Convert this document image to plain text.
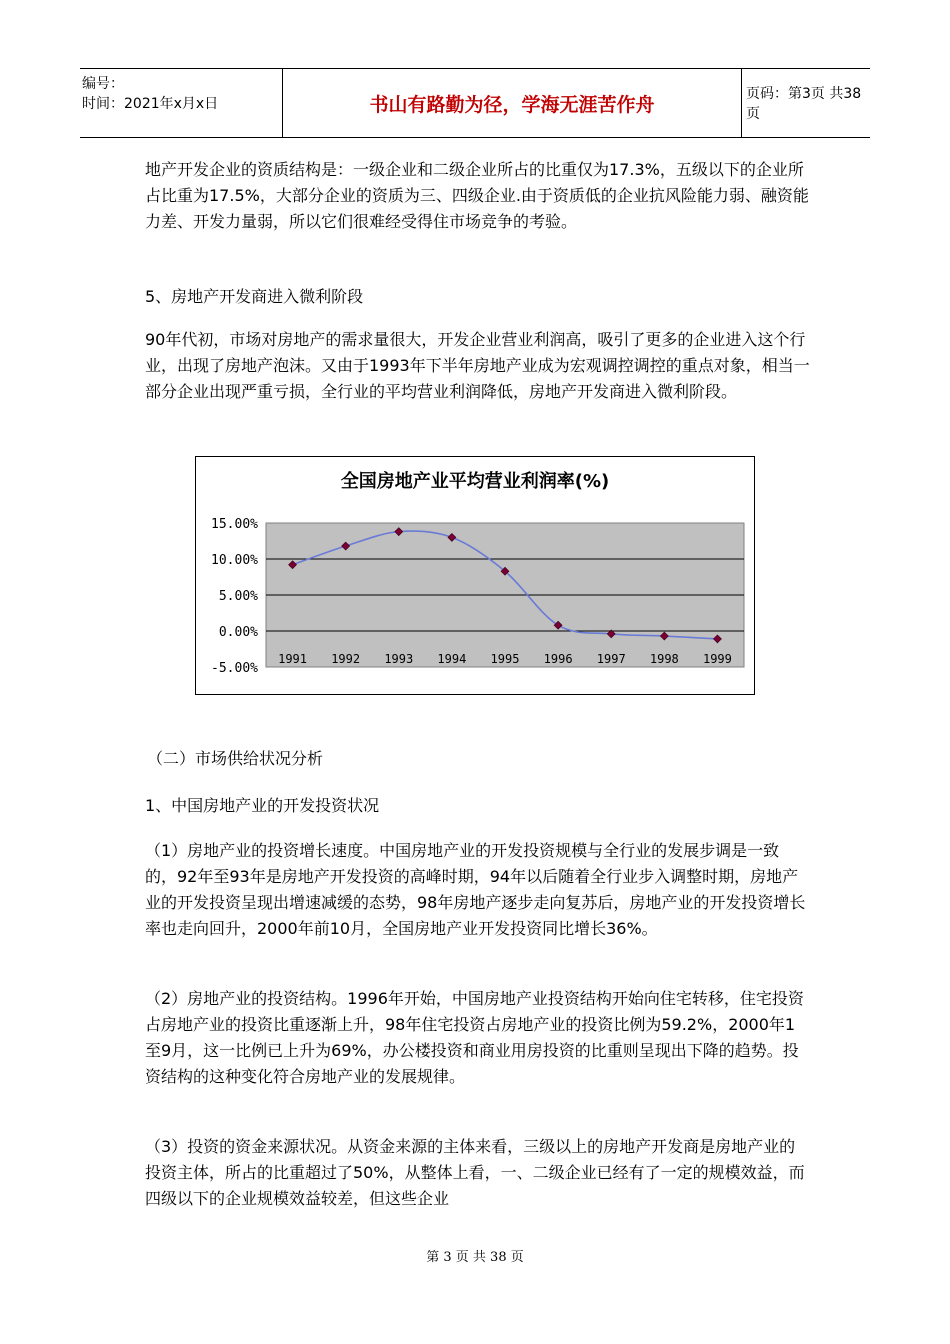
编号：
时间：2021年x月x日	书山有路勤为径，学海无涯苦作舟	页码：第3页 共38页

地产开发企业的资质结构是：一级企业和二级企业所占的比重仅为17.3%，五级以下的企业所占比重为17.5%，大部分企业的资质为三、四级企业.由于资质低的企业抗风险能力弱、融资能力差、开发力量弱，所以它们很难经受得住市场竞争的考验。

5、房地产开发商进入微利阶段

90年代初，市场对房地产的需求量很大，开发企业营业利润高，吸引了更多的企业进入这个行业，出现了房地产泡沫。又由于1993年下半年房地产业成为宏观调控调控的重点对象，相当一部分企业出现严重亏损，全行业的平均营业利润降低，房地产开发商进入微利阶段。

全国房地产业平均营业利润率(%)
15.00%
10.00%
5.00%
0.00%
-5.00%
1991 1992 1993 1994 1995 1996 1997 1998 1999

（二）市场供给状况分析

1、中国房地产业的开发投资状况

（1）房地产业的投资增长速度。中国房地产业的开发投资规模与全行业的发展步调是一致的，92年至93年是房地产开发投资的高峰时期，94年以后随着全行业步入调整时期，房地产业的开发投资呈现出增速减缓的态势，98年房地产逐步走向复苏后，房地产业的开发投资增长率也走向回升，2000年前10月，全国房地产业开发投资同比增长36%。

（2）房地产业的投资结构。1996年开始，中国房地产业投资结构开始向住宅转移，住宅投资占房地产业的投资比重逐渐上升，98年住宅投资占房地产业的投资比例为59.2%，2000年1至9月，这一比例已上升为69%，办公楼投资和商业用房投资的比重则呈现出下降的趋势。投资结构的这种变化符合房地产业的发展规律。

（3）投资的资金来源状况。从资金来源的主体来看，三级以上的房地产开发商是房地产业的投资主体，所占的比重超过了50%，从整体上看，一、二级企业已经有了一定的规模效益，而四级以下的企业规模效益较差，但这些企业

第 3 页 共 38 页
